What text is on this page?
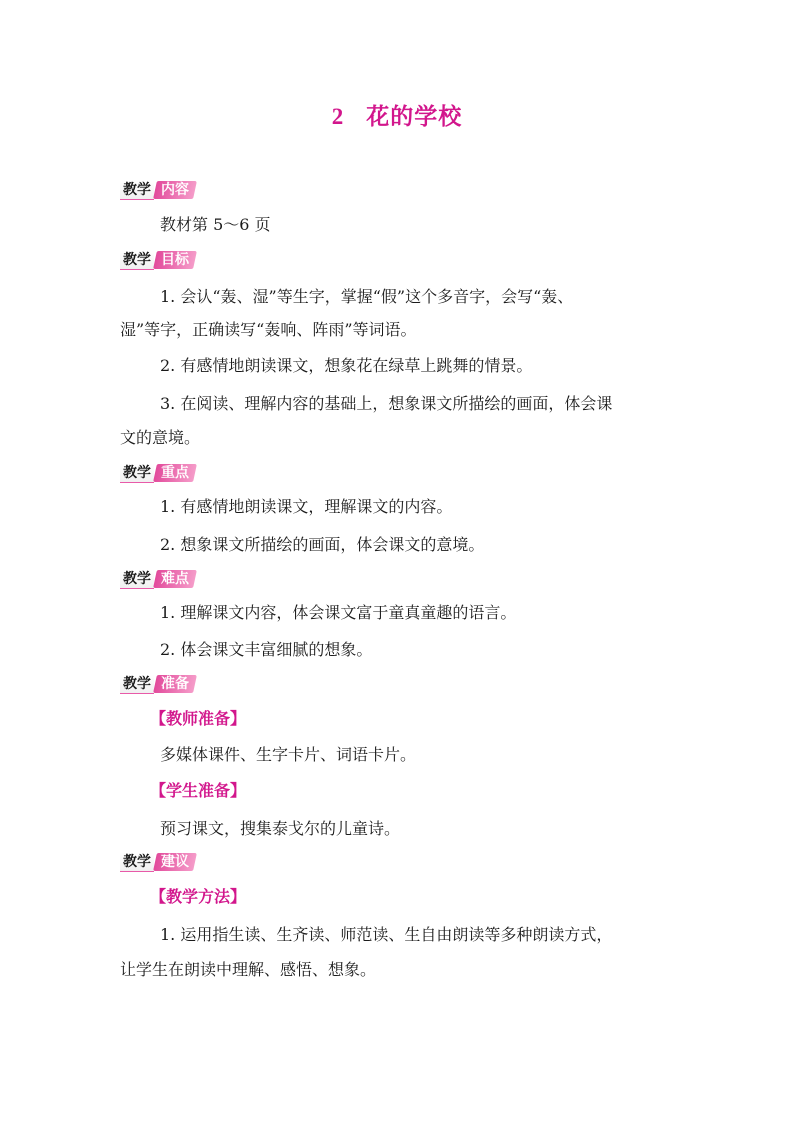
2 花的学校
教学 内容
教材第 5～6 页
教学 目标
1. 会认“轰、湿”等生字，掌握“假”这个多音字，会写“轰、
湿”等字，正确读写“轰响、阵雨”等词语。
2. 有感情地朗读课文，想象花在绿草上跳舞的情景。
3. 在阅读、理解内容的基础上，想象课文所描绘的画面，体会课
文的意境。
教学 重点
1. 有感情地朗读课文，理解课文的内容。
2. 想象课文所描绘的画面，体会课文的意境。
教学 难点
1. 理解课文内容，体会课文富于童真童趣的语言。
2. 体会课文丰富细腻的想象。
教学 准备
【教师准备】
多媒体课件、生字卡片、词语卡片。
【学生准备】
预习课文，搜集泰戈尔的儿童诗。
教学 建议
【教学方法】
1. 运用指生读、生齐读、师范读、生自由朗读等多种朗读方式，
让学生在朗读中理解、感悟、想象。
